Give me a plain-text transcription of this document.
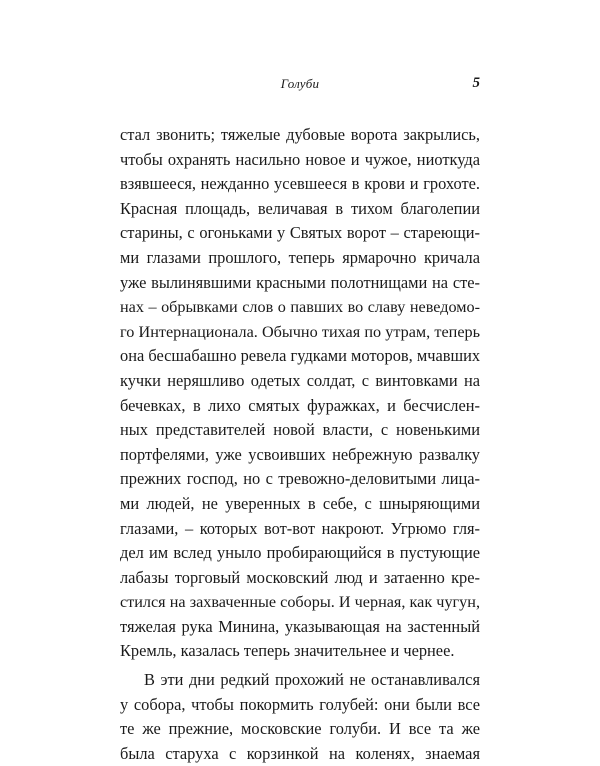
Голуби	5
стал звонить; тяжелые дубовые ворота закрылись,
чтобы охранять насильно новое и чужое, ниоткуда
взявшееся, нежданно усевшееся в крови и грохоте.
Красная площадь, величавая в тихом благолепии
старины, с огоньками у Святых ворот – стареющи-
ми глазами прошлого, теперь ярмарочно кричала
уже вылинявшими красными полотнищами на сте-
нах – обрывками слов о павших во славу неведомо-
го Интернационала. Обычно тихая по утрам, теперь
она бесшабашно ревела гудками моторов, мчавших
кучки неряшливо одетых солдат, с винтовками на
бечевках, в лихо смятых фуражках, и бесчислен-
ных представителей новой власти, с новенькими
портфелями, уже усвоивших небрежную развалку
прежних господ, но с тревожно-деловитыми лица-
ми людей, не уверенных в себе, с шныряющими
глазами, – которых вот-вот накроют. Угрюмо гля-
дел им вслед уныло пробирающийся в пустующие
лабазы торговый московский люд и затаенно кре-
стился на захваченные соборы. И черная, как чугун,
тяжелая рука Минина, указывающая на застенный
Кремль, казалась теперь значительнее и чернее.
В эти дни редкий прохожий не останавливался
у собора, чтобы покормить голубей: они были все
те же прежние, московские голуби. И все та же
была старуха с корзинкой на коленях, знаемая
